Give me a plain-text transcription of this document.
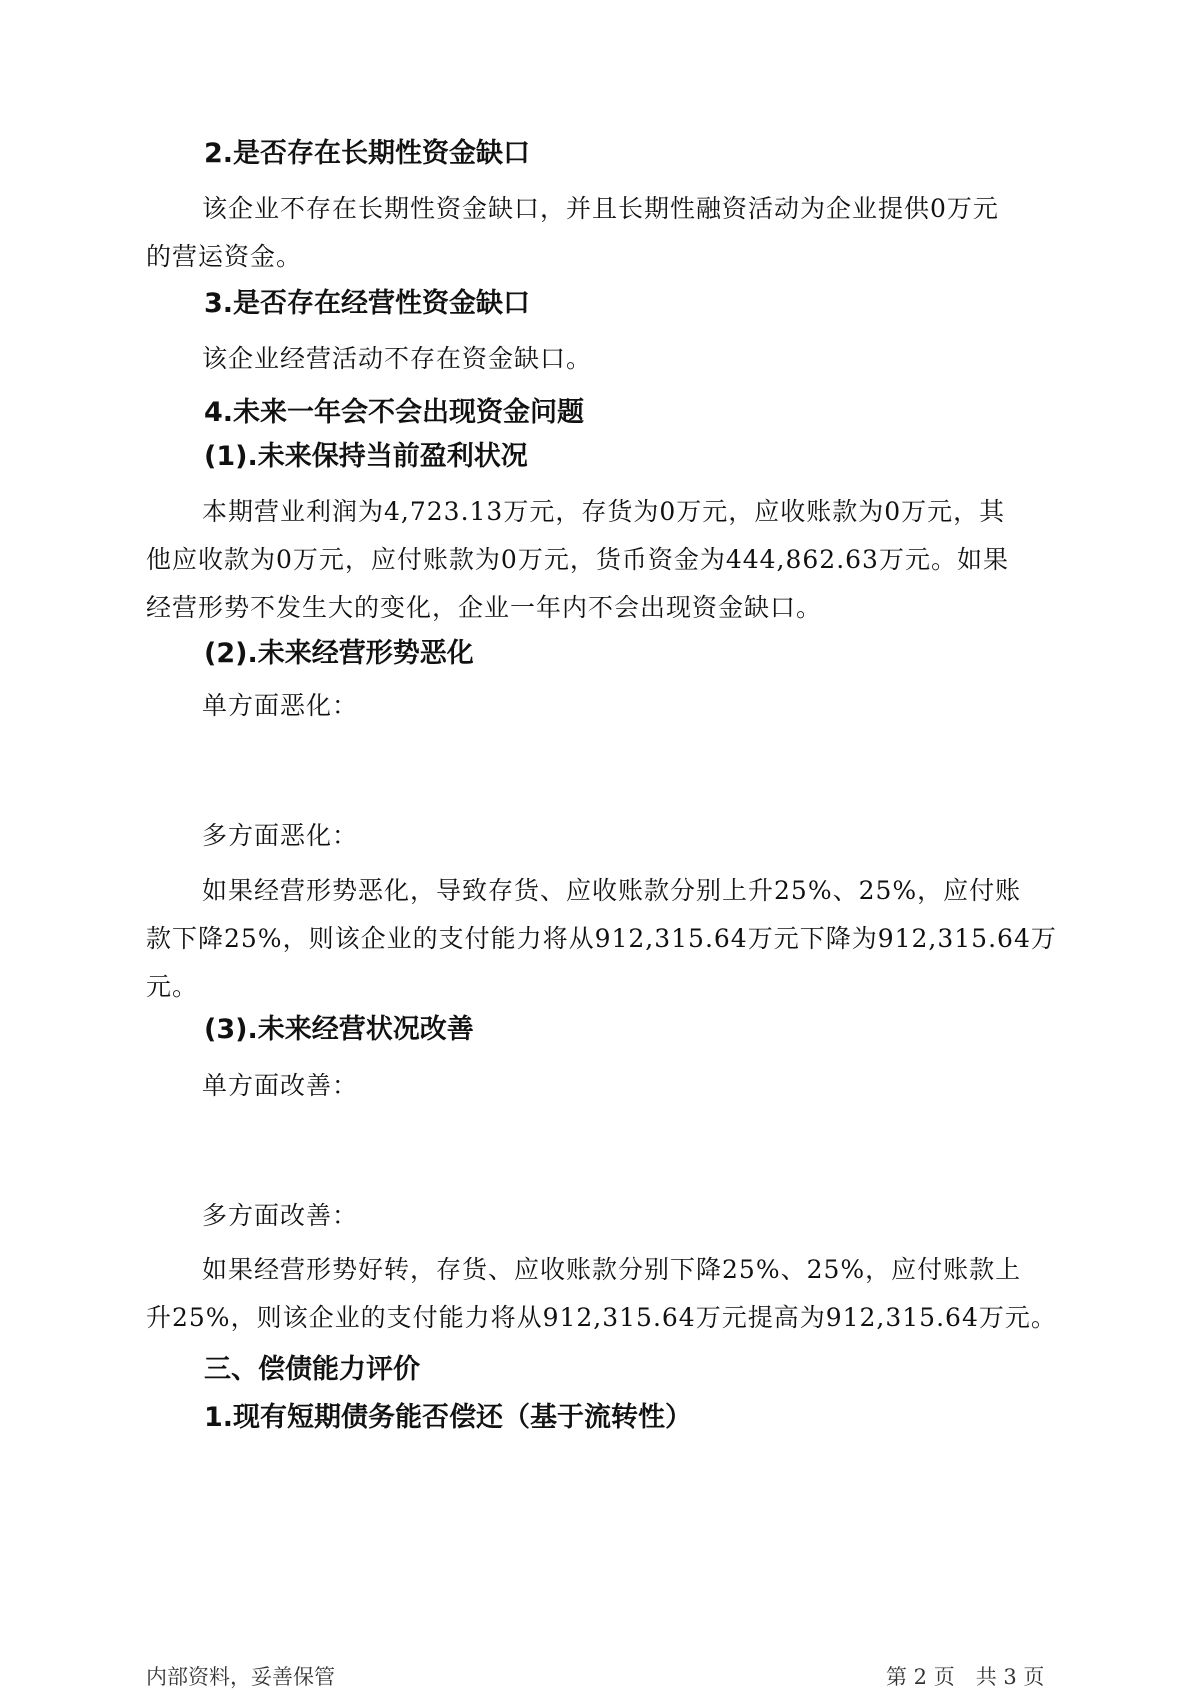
2.是否存在长期性资金缺口
该企业不存在长期性资金缺口，并且长期性融资活动为企业提供0万元
的营运资金。
3.是否存在经营性资金缺口
该企业经营活动不存在资金缺口。
4.未来一年会不会出现资金问题
(1).未来保持当前盈利状况
本期营业利润为4,723.13万元，存货为0万元，应收账款为0万元，其
他应收款为0万元，应付账款为0万元，货币资金为444,862.63万元。如果
经营形势不发生大的变化，企业一年内不会出现资金缺口。
(2).未来经营形势恶化
单方面恶化：
多方面恶化：
如果经营形势恶化，导致存货、应收账款分别上升25%、25%，应付账
款下降25%，则该企业的支付能力将从912,315.64万元下降为912,315.64万
元。
(3).未来经营状况改善
单方面改善：
多方面改善：
如果经营形势好转，存货、应收账款分别下降25%、25%，应付账款上
升25%，则该企业的支付能力将从912,315.64万元提高为912,315.64万元。
三、偿债能力评价
1.现有短期债务能否偿还（基于流转性）
内部资料，妥善保管	第 2 页　共 3 页
